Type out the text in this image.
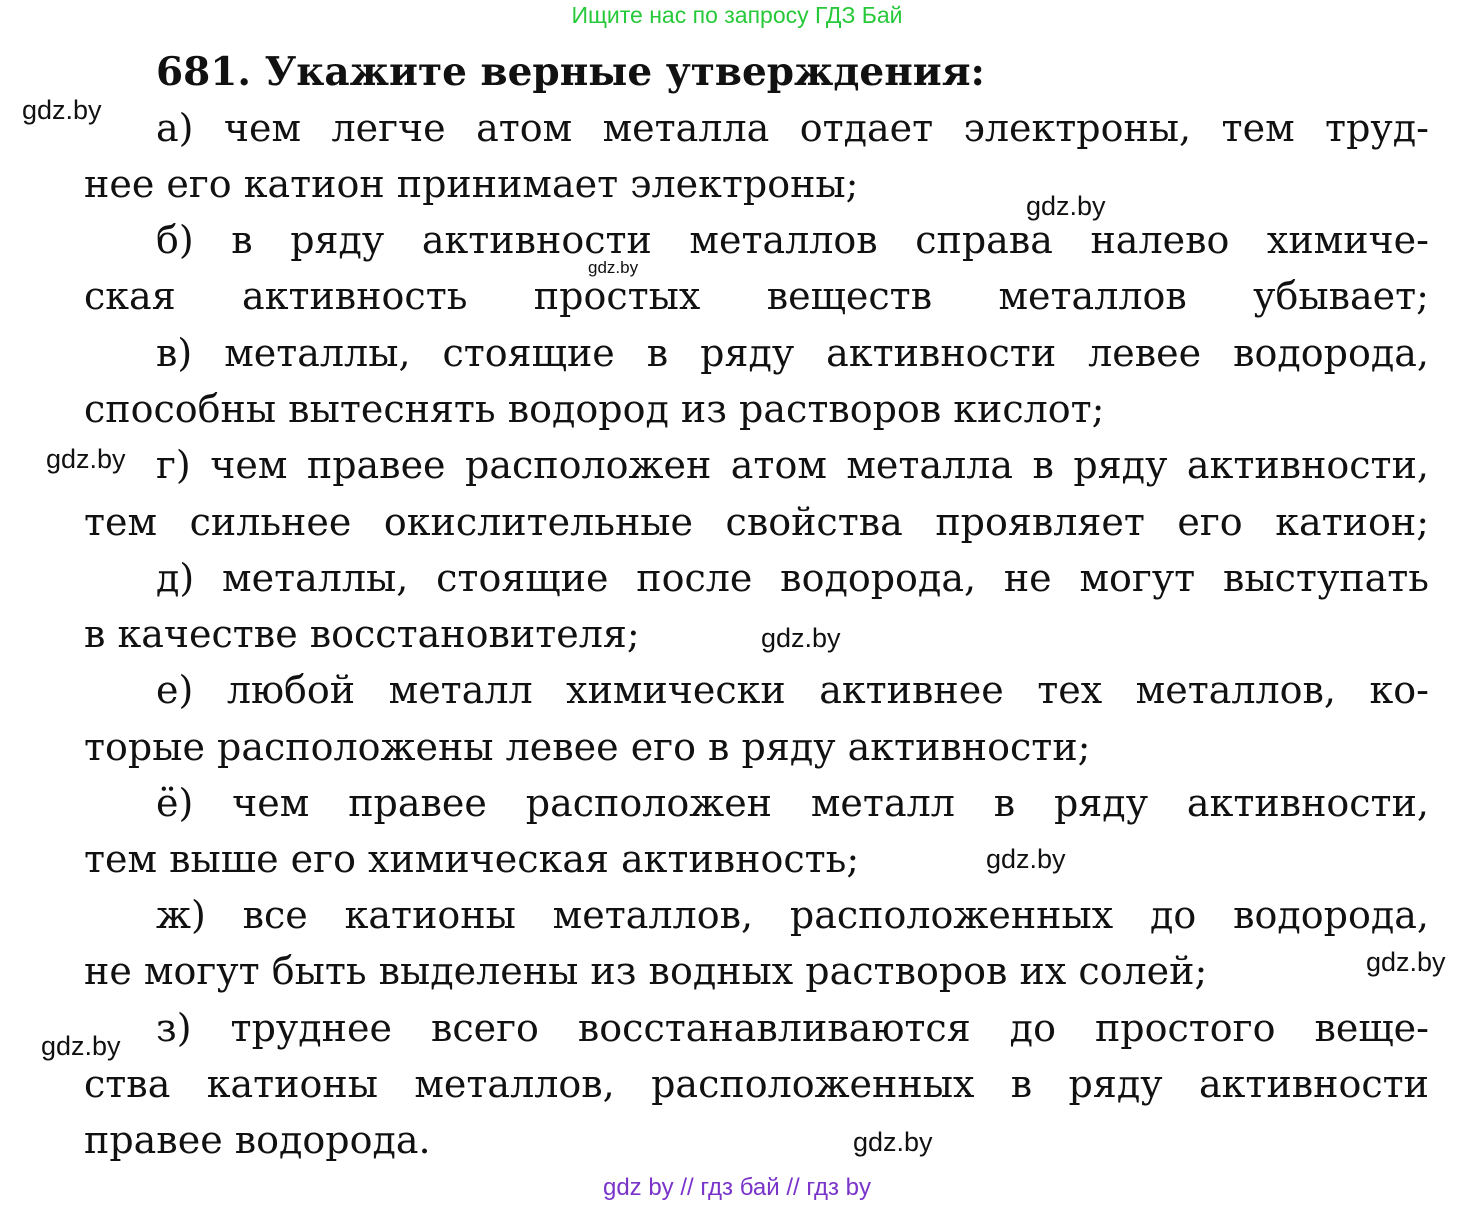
Ищите нас по запросу ГДЗ Бай
681. Укажите верные утверждения:
а) чем легче атом металла отдает электроны, тем труд-
нее его катион принимает электроны;
б) в ряду активности металлов справа налево химиче-
ская активность простых веществ металлов убывает;
в) металлы, стоящие в ряду активности левее водорода,
способны вытеснять водород из растворов кислот;
г) чем правее расположен атом металла в ряду активности,
тем сильнее окислительные свойства проявляет его катион;
д) металлы, стоящие после водорода, не могут выступать
в качестве восстановителя;
е) любой металл химически активнее тех металлов, ко-
торые расположены левее его в ряду активности;
ё) чем правее расположен металл в ряду активности,
тем выше его химическая активность;
ж) все катионы металлов, расположенных до водорода,
не могут быть выделены из водных растворов их солей;
з) труднее всего восстанавливаются до простого веще-
ства катионы металлов, расположенных в ряду активности
правее водорода.
gdz.by
gdz.by
gdz.by
gdz.by
gdz.by
gdz.by
gdz.by
gdz.by
gdz.by
gdz by // гдз бай // гдз by
